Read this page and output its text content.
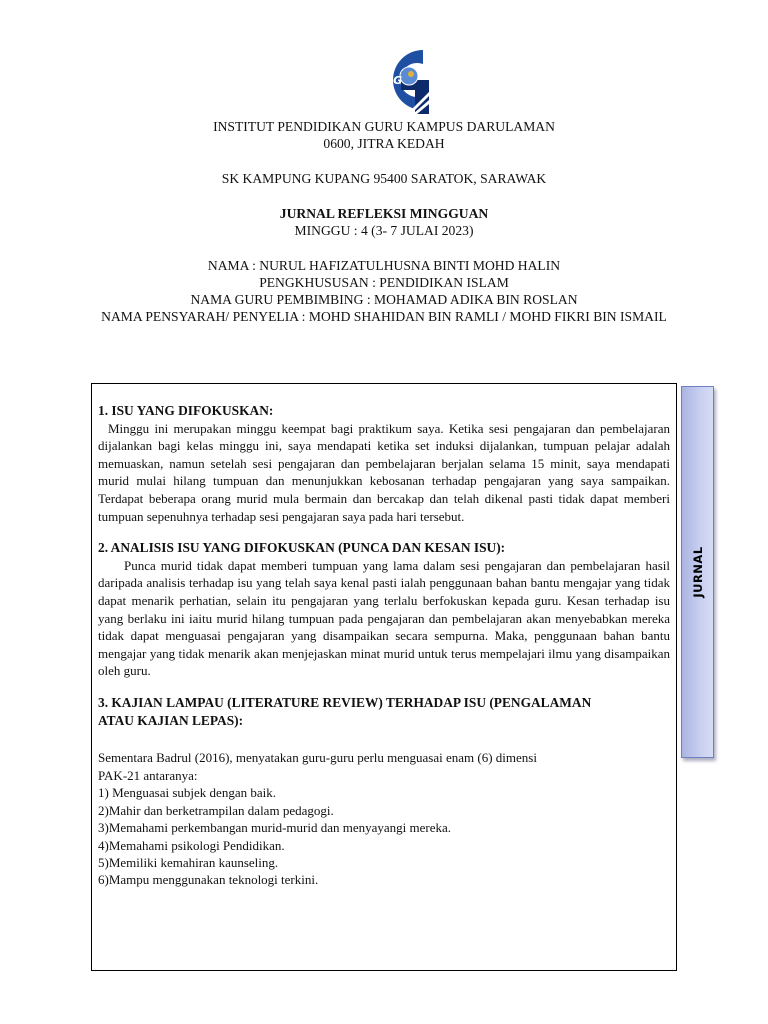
IPG
INSTITUT PENDIDIKAN GURU KAMPUS DARULAMAN
0600, JITRA KEDAH
SK KAMPUNG KUPANG 95400 SARATOK, SARAWAK
JURNAL REFLEKSI MINGGUAN
MINGGU : 4 (3- 7 JULAI 2023)
NAMA : NURUL HAFIZATULHUSNA BINTI MOHD HALIN
PENGKHUSUSAN : PENDIDIKAN ISLAM
NAMA GURU PEMBIMBING : MOHAMAD ADIKA BIN ROSLAN
NAMA PENSYARAH/ PENYELIA : MOHD SHAHIDAN BIN RAMLI / MOHD FIKRI BIN ISMAIL
1. ISU YANG DIFOKUSKAN:
Minggu ini merupakan minggu keempat bagi praktikum saya. Ketika sesi pengajaran dan pembelajaran dijalankan bagi kelas minggu ini, saya mendapati ketika set induksi dijalankan, tumpuan pelajar adalah memuaskan, namun setelah sesi pengajaran dan pembelajaran berjalan selama 15 minit, saya mendapati murid mulai hilang tumpuan dan menunjukkan kebosanan terhadap pengajaran yang saya sampaikan. Terdapat beberapa orang murid mula bermain dan bercakap dan telah dikenal pasti tidak dapat memberi tumpuan sepenuhnya terhadap sesi pengajaran saya pada hari tersebut.
2. ANALISIS ISU YANG DIFOKUSKAN (PUNCA DAN KESAN ISU):
Punca murid tidak dapat memberi tumpuan yang lama dalam sesi pengajaran dan pembelajaran hasil daripada analisis terhadap isu yang telah saya kenal pasti ialah penggunaan bahan bantu mengajar yang tidak dapat menarik perhatian, selain itu pengajaran yang terlalu berfokuskan kepada guru. Kesan terhadap isu yang berlaku ini iaitu murid hilang tumpuan pada pengajaran dan pembelajaran akan menyebabkan mereka tidak dapat menguasai pengajaran yang disampaikan secara sempurna. Maka, penggunaan bahan bantu mengajar yang tidak menarik akan menjejaskan minat murid untuk terus mempelajari ilmu yang disampaikan oleh guru.
3. KAJIAN LAMPAU (LITERATURE REVIEW) TERHADAP ISU (PENGALAMAN
ATAU KAJIAN LEPAS):
Sementara Badrul (2016), menyatakan guru-guru perlu menguasai enam (6) dimensi
PAK-21 antaranya:
1) Menguasai subjek dengan baik.
2)Mahir dan berketrampilan dalam pedagogi.
3)Memahami perkembangan murid-murid dan menyayangi mereka.
4)Memahami psikologi Pendidikan.
5)Memiliki kemahiran kaunseling.
6)Mampu menggunakan teknologi terkini.
JURNAL
